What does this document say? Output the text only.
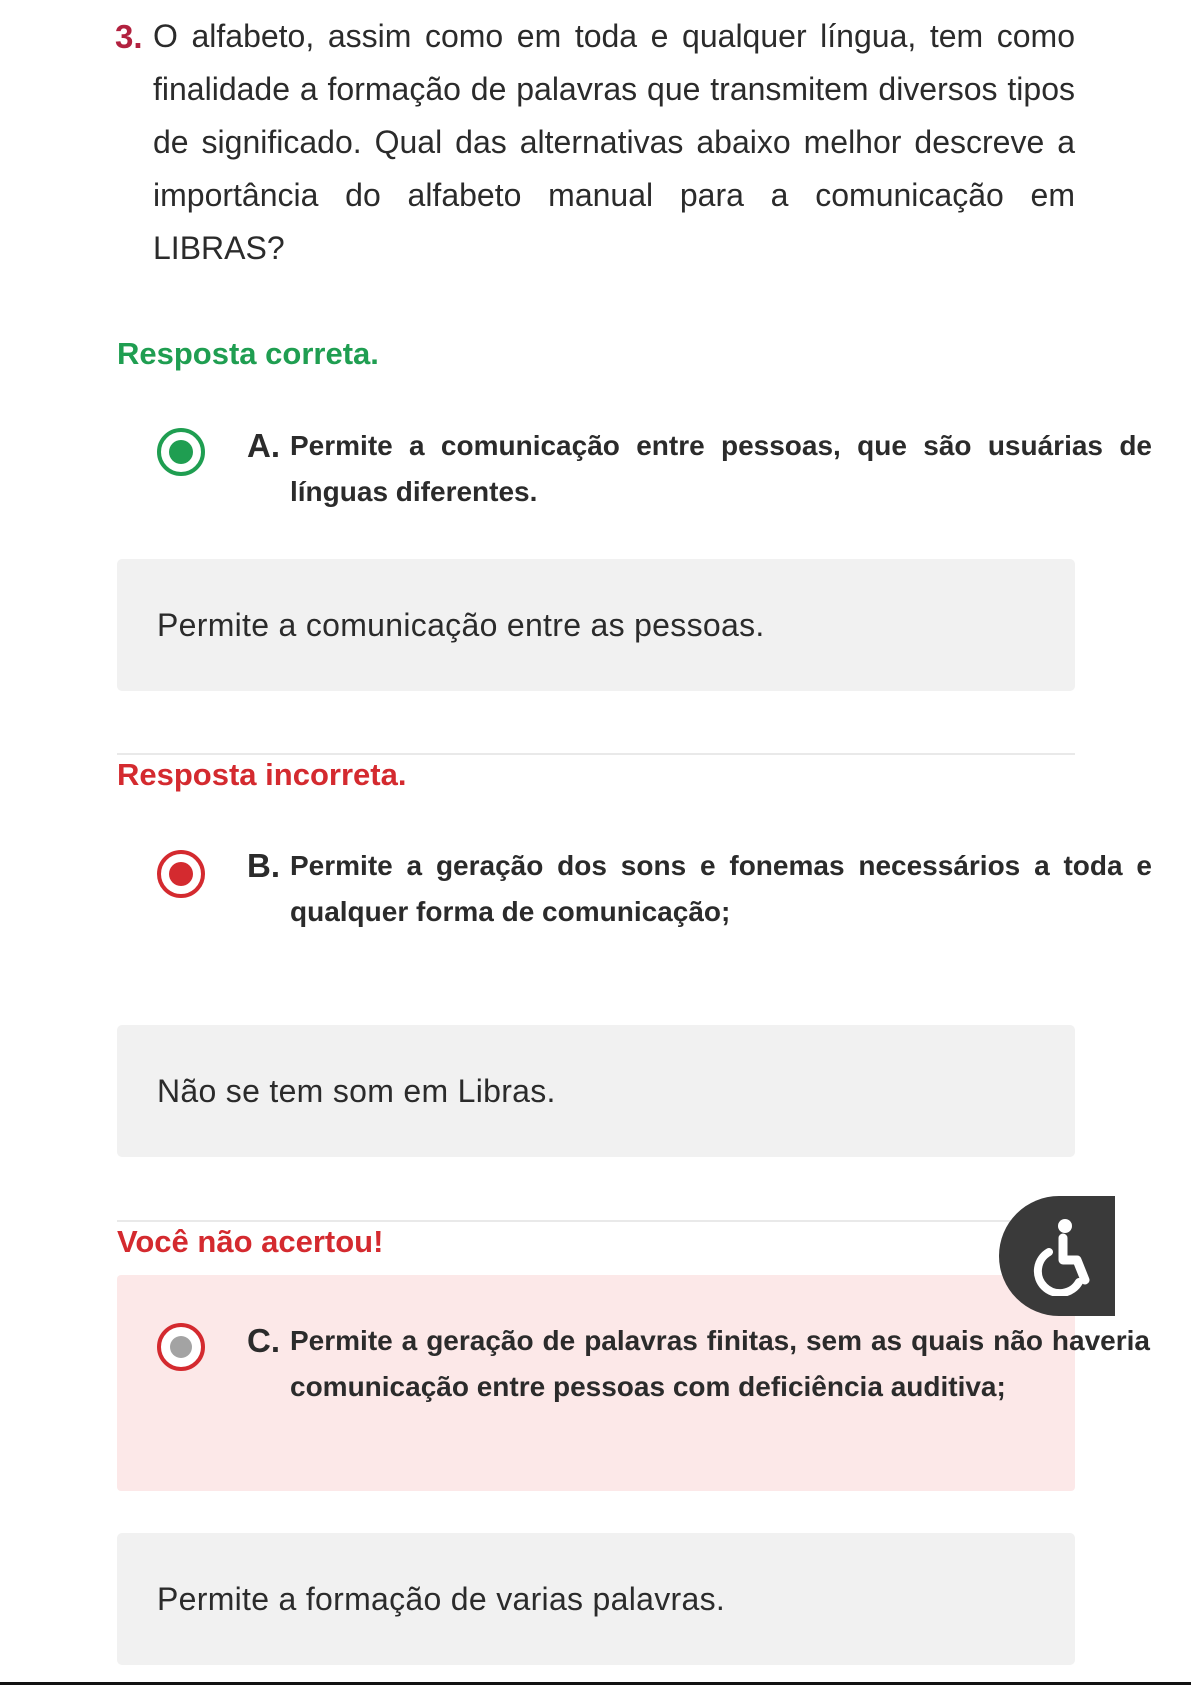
3. O alfabeto, assim como em toda e qualquer língua, tem como finalidade a formação de palavras que transmitem diversos tipos de significado. Qual das alternativas abaixo melhor descreve a importância do alfabeto manual para a comunicação em LIBRAS?
Resposta correta.
A. Permite a comunicação entre pessoas, que são usuárias de línguas diferentes.
Permite a comunicação entre as pessoas.
Resposta incorreta.
B. Permite a geração dos sons e fonemas necessários a toda e qualquer forma de comunicação;
Não se tem som em Libras.
Você não acertou!
C. Permite a geração de palavras finitas, sem as quais não haveria comunicação entre pessoas com deficiência auditiva;
Permite a formação de varias palavras.
